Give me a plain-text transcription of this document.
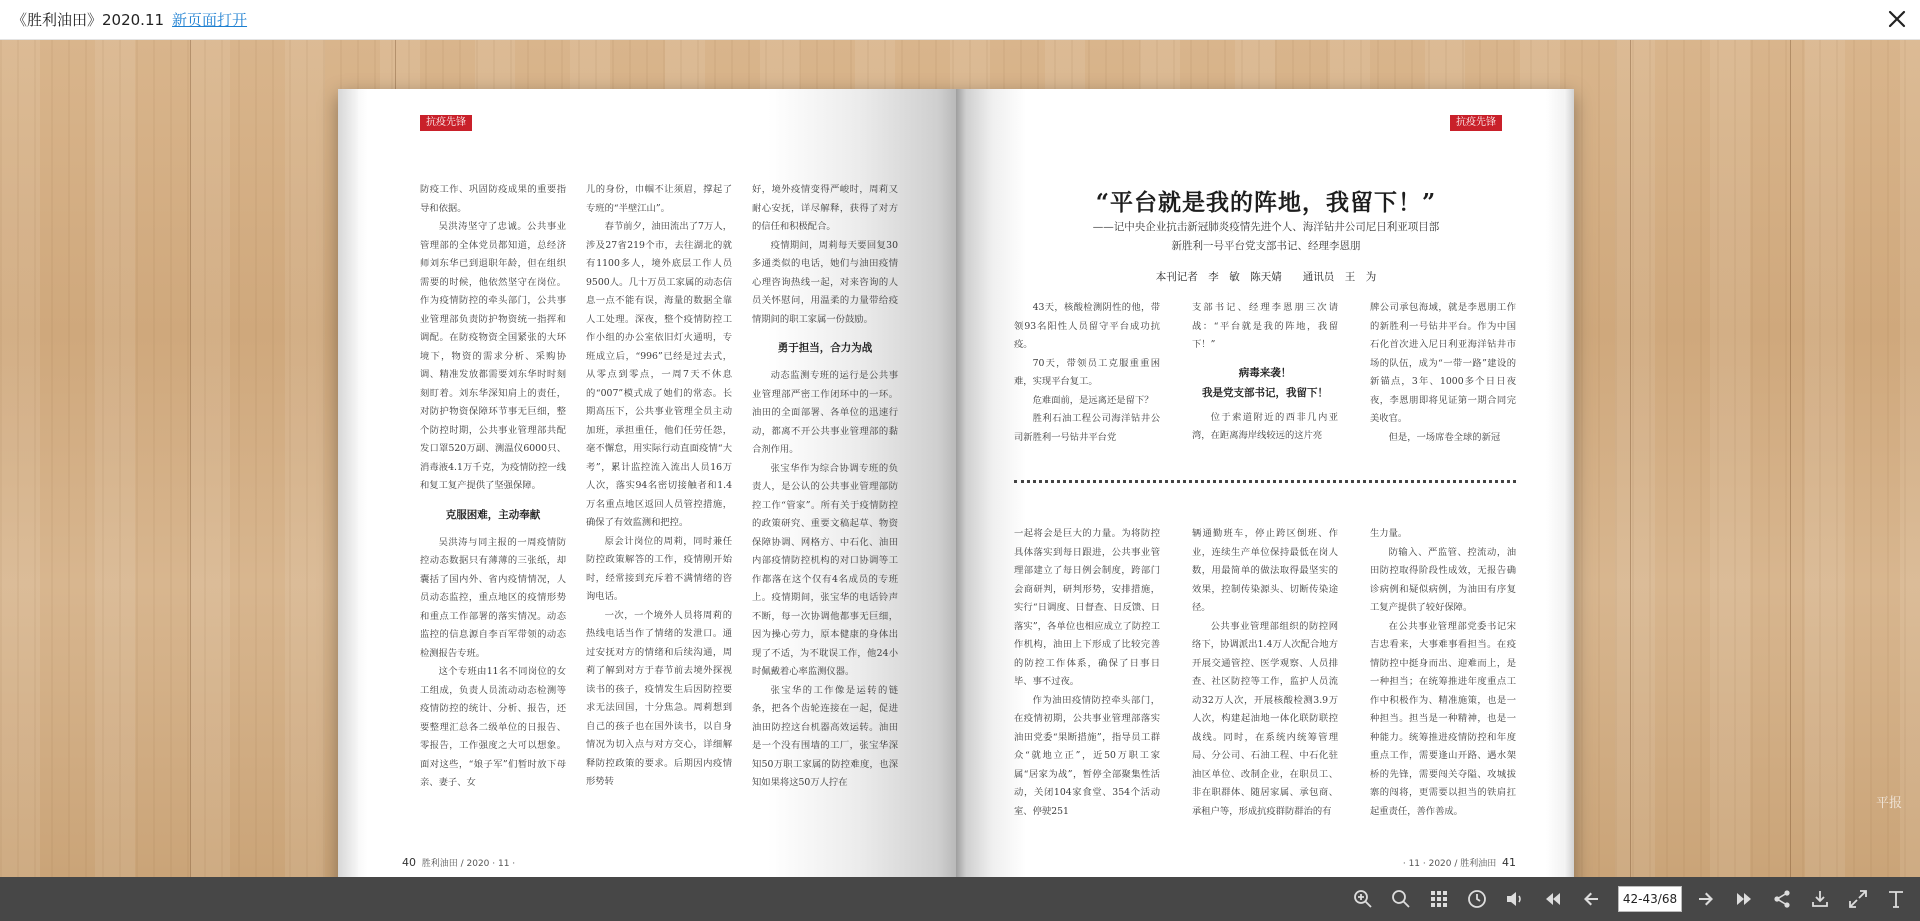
《胜利油田》2020.11 新页面打开
抗疫先锋

防疫工作、巩固防疫成果的重要指导和依据。

吴洪涛坚守了忠诚。公共事业管理部的全体党员都知道，总经济师刘东华已到退职年龄，但在组织需要的时候，他依然坚守在岗位。作为疫情防控的牵头部门，公共事业管理部负责防护物资统一指挥和调配。在防疫物资全国紧张的大环境下，物资的需求分析、采购协调、精准发放都需要刘东华时时刻刻盯着。刘东华深知肩上的责任，对防护物资保障环节事无巨细，整个防控时期，公共事业管理部共配发口罩520万副、测温仪6000只、消毒液4.1万千克，为疫情防控一线和复工复产提供了坚强保障。

克服困难，主动奉献

吴洪涛与同主报的一周疫情防控动态数据只有薄薄的三张纸，却囊括了国内外、省内疫情情况，人员动态监控，重点地区的疫情形势和重点工作部署的落实情况。动态监控的信息源自李百军带领的动态检测报告专班。

这个专班由11名不同岗位的女工组成，负责人员流动动态检测等疫情防控的统计、分析、报告，还要整理汇总各二级单位的日报告、零报告，工作强度之大可以想象。面对这些，“娘子军”们暂时放下母亲、妻子、女

儿的身份，巾帼不让须眉，撑起了专班的“半壁江山”。

春节前夕，油田流出了7万人，涉及27省219个市，去往湖北的就有1100多人，境外底层工作人员9500人。几十万员工家属的动态信息一点不能有误，海量的数据全靠人工处理。深夜，整个疫情防控工作小组的办公室依旧灯火通明，专班成立后，“996”已经是过去式，从零点到零点，一周7天不休息的“007”模式成了她们的常态。长期高压下，公共事业管理全员主动加班，承担重任，他们任劳任怨，毫不懈怠，用实际行动直面疫情“大考”，累计监控流入流出人员16万人次，落实94名密切接触者和1.4万名重点地区返回人员管控措施，确保了有效监测和把控。

原会计岗位的周莉，同时兼任防控政策解答的工作，疫情刚开始时，经常接到充斥着不满情绪的咨询电话。

一次，一个境外人员将周莉的热线电话当作了情绪的发泄口。通过安抚对方的情绪和后续沟通，周莉了解到对方于春节前去境外探视读书的孩子，疫情发生后因防控要求无法回国，十分焦急。周莉想到自己的孩子也在国外读书，以自身情况为切入点与对方交心，详细解释防控政策的要求。后期因内疫情形势转

好，境外疫情变得严峻时，周莉又耐心安抚，详尽解释，获得了对方的信任和积极配合。

疫情期间，周莉每天要回复30多通类似的电话，她们与油田疫情心理咨询热线一起，对来咨询的人员关怀慰问，用温柔的力量带给疫情期间的职工家属一份鼓励。

勇于担当，合力为战

动态监测专班的运行是公共事业管理部严密工作闭环中的一环。油田的全面部署、各单位的迅速行动，都离不开公共事业管理部的黏合剂作用。

张宝华作为综合协调专班的负责人，是公认的公共事业管理部防控工作“管家”。所有关于疫情防控的政策研究、重要文稿起草、物资保障协调、网格方、中石化、油田内部疫情防控机构的对口协调等工作都落在这个仅有4名成员的专班上。疫情期间，张宝华的电话铃声不断，每一次协调他都事无巨细，因为操心劳力，原本健康的身体出现了不适，为不耽误工作，他24小时佩戴着心率监测仪器。

张宝华的工作像是运转的链条，把各个齿轮连接在一起，促进油田防控这台机器高效运转。油田是一个没有围墙的工厂，张宝华深知50万职工家属的防控难度，也深知如果将这50万人拧在

40 胜利油田 / 2020 · 11 ·
抗疫先锋
“平台就是我的阵地，我留下！”
——记中央企业抗击新冠肺炎疫情先进个人、海洋钻井公司尼日利亚项目部
新胜利一号平台党支部书记、经理李恩朋
本刊记者　李　敏　陈天婧　　通讯员　王　为

43天，核酸检测阴性的他，带领93名阳性人员留守平台成功抗疫。

70天，带领员工克服重重困难，实现平台复工。

危难面前，是远离还是留下？

胜利石油工程公司海洋钻井公司新胜利一号钻井平台党

支部书记、经理李恩朋三次请战：“平台就是我的阵地，我留下！”

病毒来袭！
我是党支部书记，我留下！

位于索道附近的西非几内亚湾，在距离海岸线较远的这片亮

牌公司承包海域，就是李恩朋工作的新胜利一号钻井平台。作为中国石化首次进入尼日利亚海洋钻井市场的队伍，成为“一带一路”建设的新锚点，3年、1000多个日日夜夜，李恩朋即将见证第一期合同完美收官。

但是，一场席卷全球的新冠

一起将会是巨大的力量。为将防控具体落实到每日跟进，公共事业管理部建立了每日例会制度，跨部门会商研判，研判形势，安排措施，实行“日调度、日督查、日反馈、日落实”，各单位也相应成立了防控工作机构，油田上下形成了比较完善的防控工作体系，确保了日事日毕、事不过夜。

作为油田疫情防控牵头部门，在疫情初期，公共事业管理部落实油田党委“果断措施”，指导员工群众“就地立正”，近50万职工家属“居家为战”，暂停全部聚集性活动，关闭104家食堂、354个活动室、停驶251

辆通勤班车，停止跨区倒班、作业，连续生产单位保持最低在岗人数，用最简单的做法取得最坚实的效果，控制传染源头、切断传染途径。

公共事业管理部组织的防控网络下，协调派出1.4万人次配合地方开展交通管控、医学观察、人员排查、社区防控等工作，监护人员流动32万人次，开展核酸检测3.9万人次，构建起油地一体化联防联控战线。同时，在系统内统筹管理局、分公司、石油工程、中石化驻油区单位、改制企业，在职员工、非在职群体、随居家属、承包商、承租户等，形成抗疫群防群治的有

生力量。

防输入、严监管、控流动，油田防控取得阶段性成效，无报告确诊病例和疑似病例，为油田有序复工复产提供了较好保障。

在公共事业管理部党委书记宋吉忠看来，大事难事看担当。在疫情防控中挺身而出、迎难而上，是一种担当；在统筹推进年度重点工作中积极作为、精准施策，也是一种担当。担当是一种精神，也是一种能力。统筹推进疫情防控和年度重点工作，需要逢山开路、遇水架桥的先锋，需要闯关夺隘、攻城拔寨的闯将，更需要以担当的铁肩扛起重责任，善作善成。

· 11 · 2020 / 胜利油田 41
平报
42-43/68
